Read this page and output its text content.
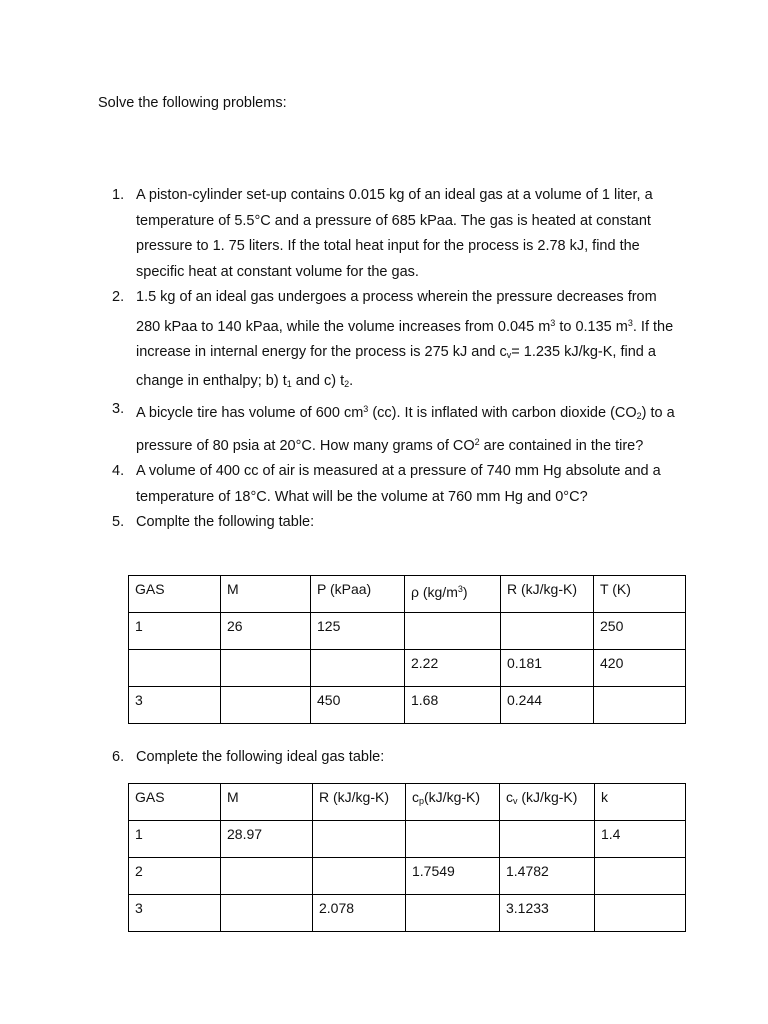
Solve the following problems:
1. A piston-cylinder set-up contains 0.015 kg of an ideal gas at a volume of 1 liter, a temperature of 5.5°C and a pressure of 685 kPaa. The gas is heated at constant pressure to 1. 75 liters. If the total heat input for the process is 2.78 kJ, find the specific heat at constant volume for the gas.
2. 1.5 kg of an ideal gas undergoes a process wherein the pressure decreases from 280 kPaa to 140 kPaa, while the volume increases from 0.045 $m^3$ to 0.135 $m^3$. If the increase in internal energy for the process is 275 kJ and $c_v= 1.235$ kJ/kg-K, find a change in enthalpy; b) $t_1$ and c) $t_2$.
3. A bicycle tire has volume of 600 $cm^3$ (cc). It is inflated with carbon dioxide $(CO_2)$ to a pressure of 80 psia at 20°C. How many grams of $CO^2$ are contained in the tire?
4. A volume of 400 cc of air is measured at a pressure of 740 mm Hg absolute and a temperature of 18°C. What will be the volume at 760 mm Hg and 0°C?
5. Complte the following table:
GAS	M	P (kPaa)	ρ $(kg/m^3)$	R (kJ/kg-K)	T (K)
1	26	125			250
			2.22	0.181	420
3		450	1.68	0.244	
6. Complete the following ideal gas table:
GAS	M	R (kJ/kg-K)	$c_p(kJ/kg-K)$	$c_v$ (kJ/kg-K)	k
1	28.97				1.4
2			1.7549	1.4782	
3		2.078		3.1233	
